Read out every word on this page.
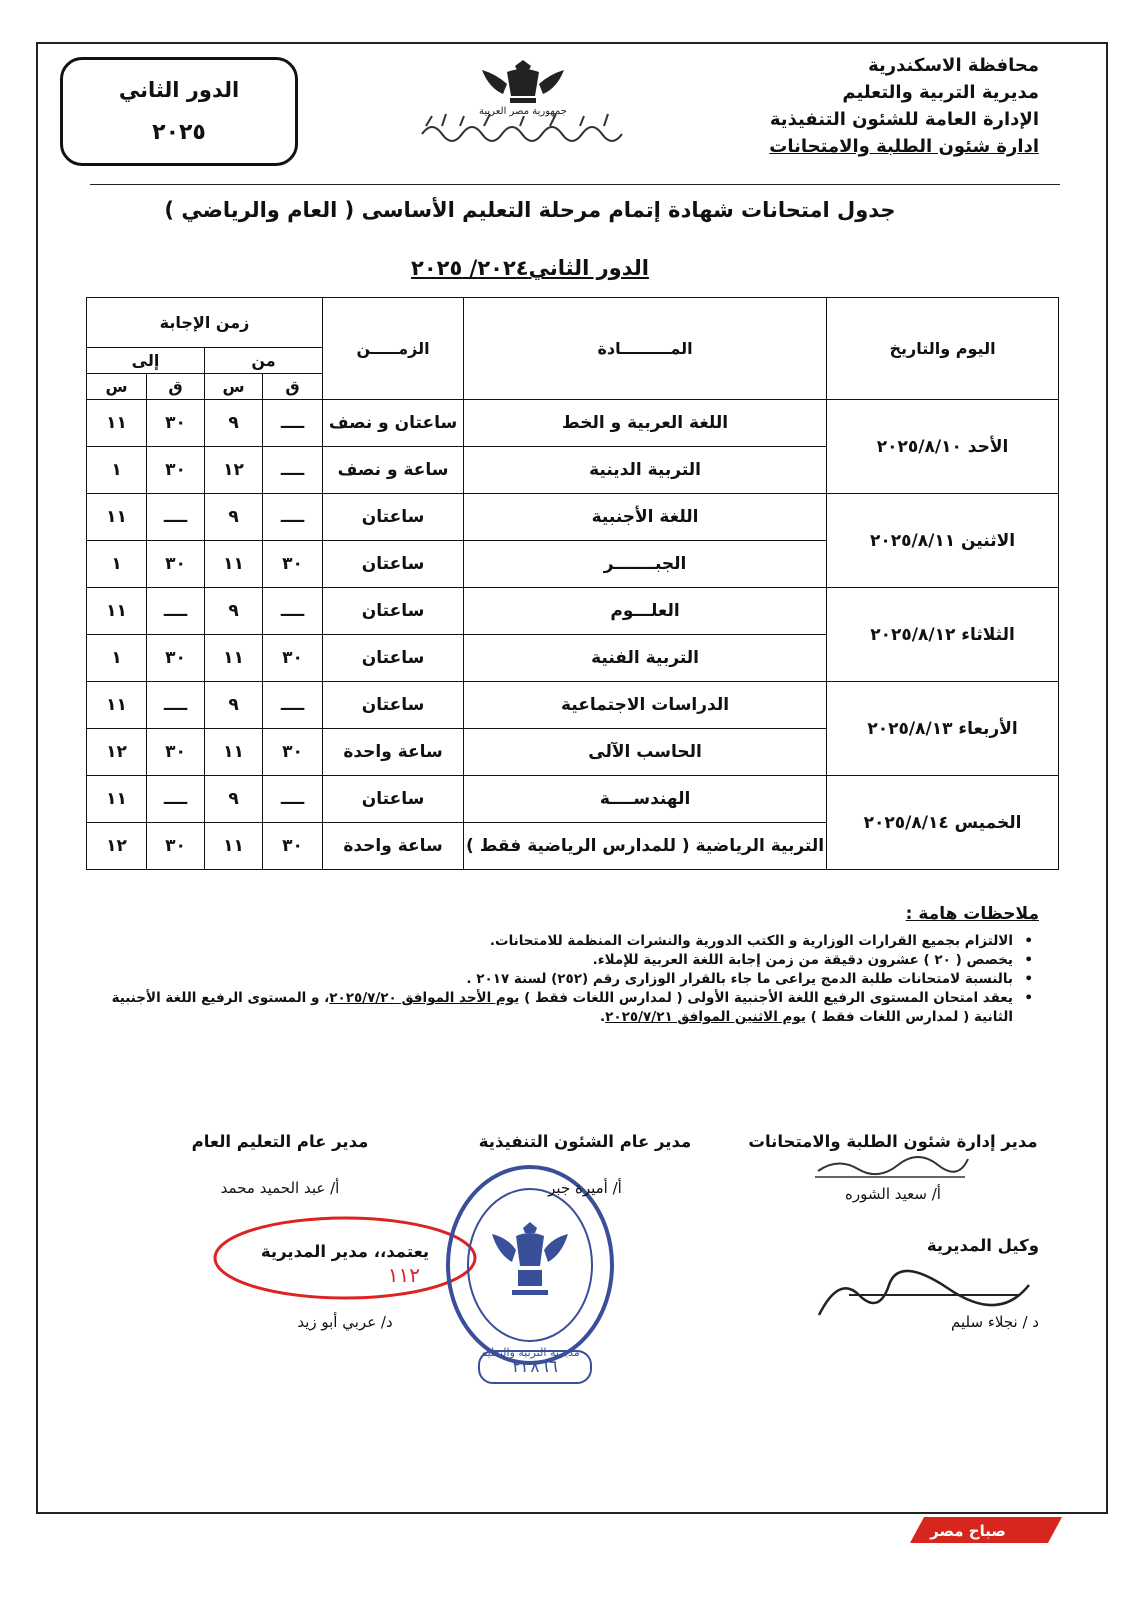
الدور الثاني
٢٠٢٥
جمهورية مصر العربية
محافظة الاسكندرية
مديرية التربية والتعليم
الإدارة العامة للشئون التنفيذية
ادارة شئون الطلبة والامتحانات
جدول امتحانات شهادة إتمام مرحلة التعليم الأساسى ( العام والرياضي )
الدور الثاني٢٠٢٤/ ٢٠٢٥
اليوم والتاريخ	المـــــــــادة	الزمـــــن	زمن الإجابة			
			من		إلى	
			ق	س	ق	س
الأحد ٢٠٢٥/٨/١٠	اللغة العربية و الخط	ساعتان و نصف	ــــ	٩	٣٠	١١
	التربية الدينية	ساعة و نصف	ــــ	١٢	٣٠	١
الاثنين ٢٠٢٥/٨/١١	اللغة الأجنبية	ساعتان	ــــ	٩	ــــ	١١
	الجبـــــــر	ساعتان	٣٠	١١	٣٠	١
الثلاثاء ٢٠٢٥/٨/١٢	العلـــوم	ساعتان	ــــ	٩	ــــ	١١
	التربية الفنية	ساعتان	٣٠	١١	٣٠	١
الأربعاء ٢٠٢٥/٨/١٣	الدراسات الاجتماعية	ساعتان	ــــ	٩	ــــ	١١
	الحاسب الآلى	ساعة واحدة	٣٠	١١	٣٠	١٢
الخميس ٢٠٢٥/٨/١٤	الهندســــة	ساعتان	ــــ	٩	ــــ	١١
	التربية الرياضية ( للمدارس الرياضية فقط )	ساعة واحدة	٣٠	١١	٣٠	١٢
ملاحظات هامة :
•
الالتزام بجميع القرارات الوزارية و الكتب الدورية والنشرات المنظمة للامتحانات.
•
يخصص ( ٢٠ ) عشرون دقيقة من زمن إجابة اللغة العربية للإملاء.
•
بالنسبة لامتحانات طلبة الدمج يراعى ما جاء بالقرار الوزارى رقم (٢٥٢) لسنة ٢٠١٧ .
•
يعقد امتحان المستوى الرفيع اللغة الأجنبية الأولى ( لمدارس اللغات فقط ) يوم الأحد الموافق ٢٠٢٥/٧/٢٠، و المستوى الرفيع اللغة الأجنبية الثانية ( لمدارس اللغات فقط ) يوم الاثنين الموافق ٢٠٢٥/٧/٢١.
١١٢
مديرية التربية والتعليم
٢٣٨٦٦
مدير إدارة شئون الطلبة والامتحانات
أ/ سعيد الشوره
مدير عام الشئون التنفيذية
أ/ أميرة جبر
مدير عام التعليم العام
أ/ عبد الحميد محمد
وكيل المديرية
د / نجلاء سليم
يعتمد،، مدير المديرية
د/ عربي أبو زيد
صباح مصر
